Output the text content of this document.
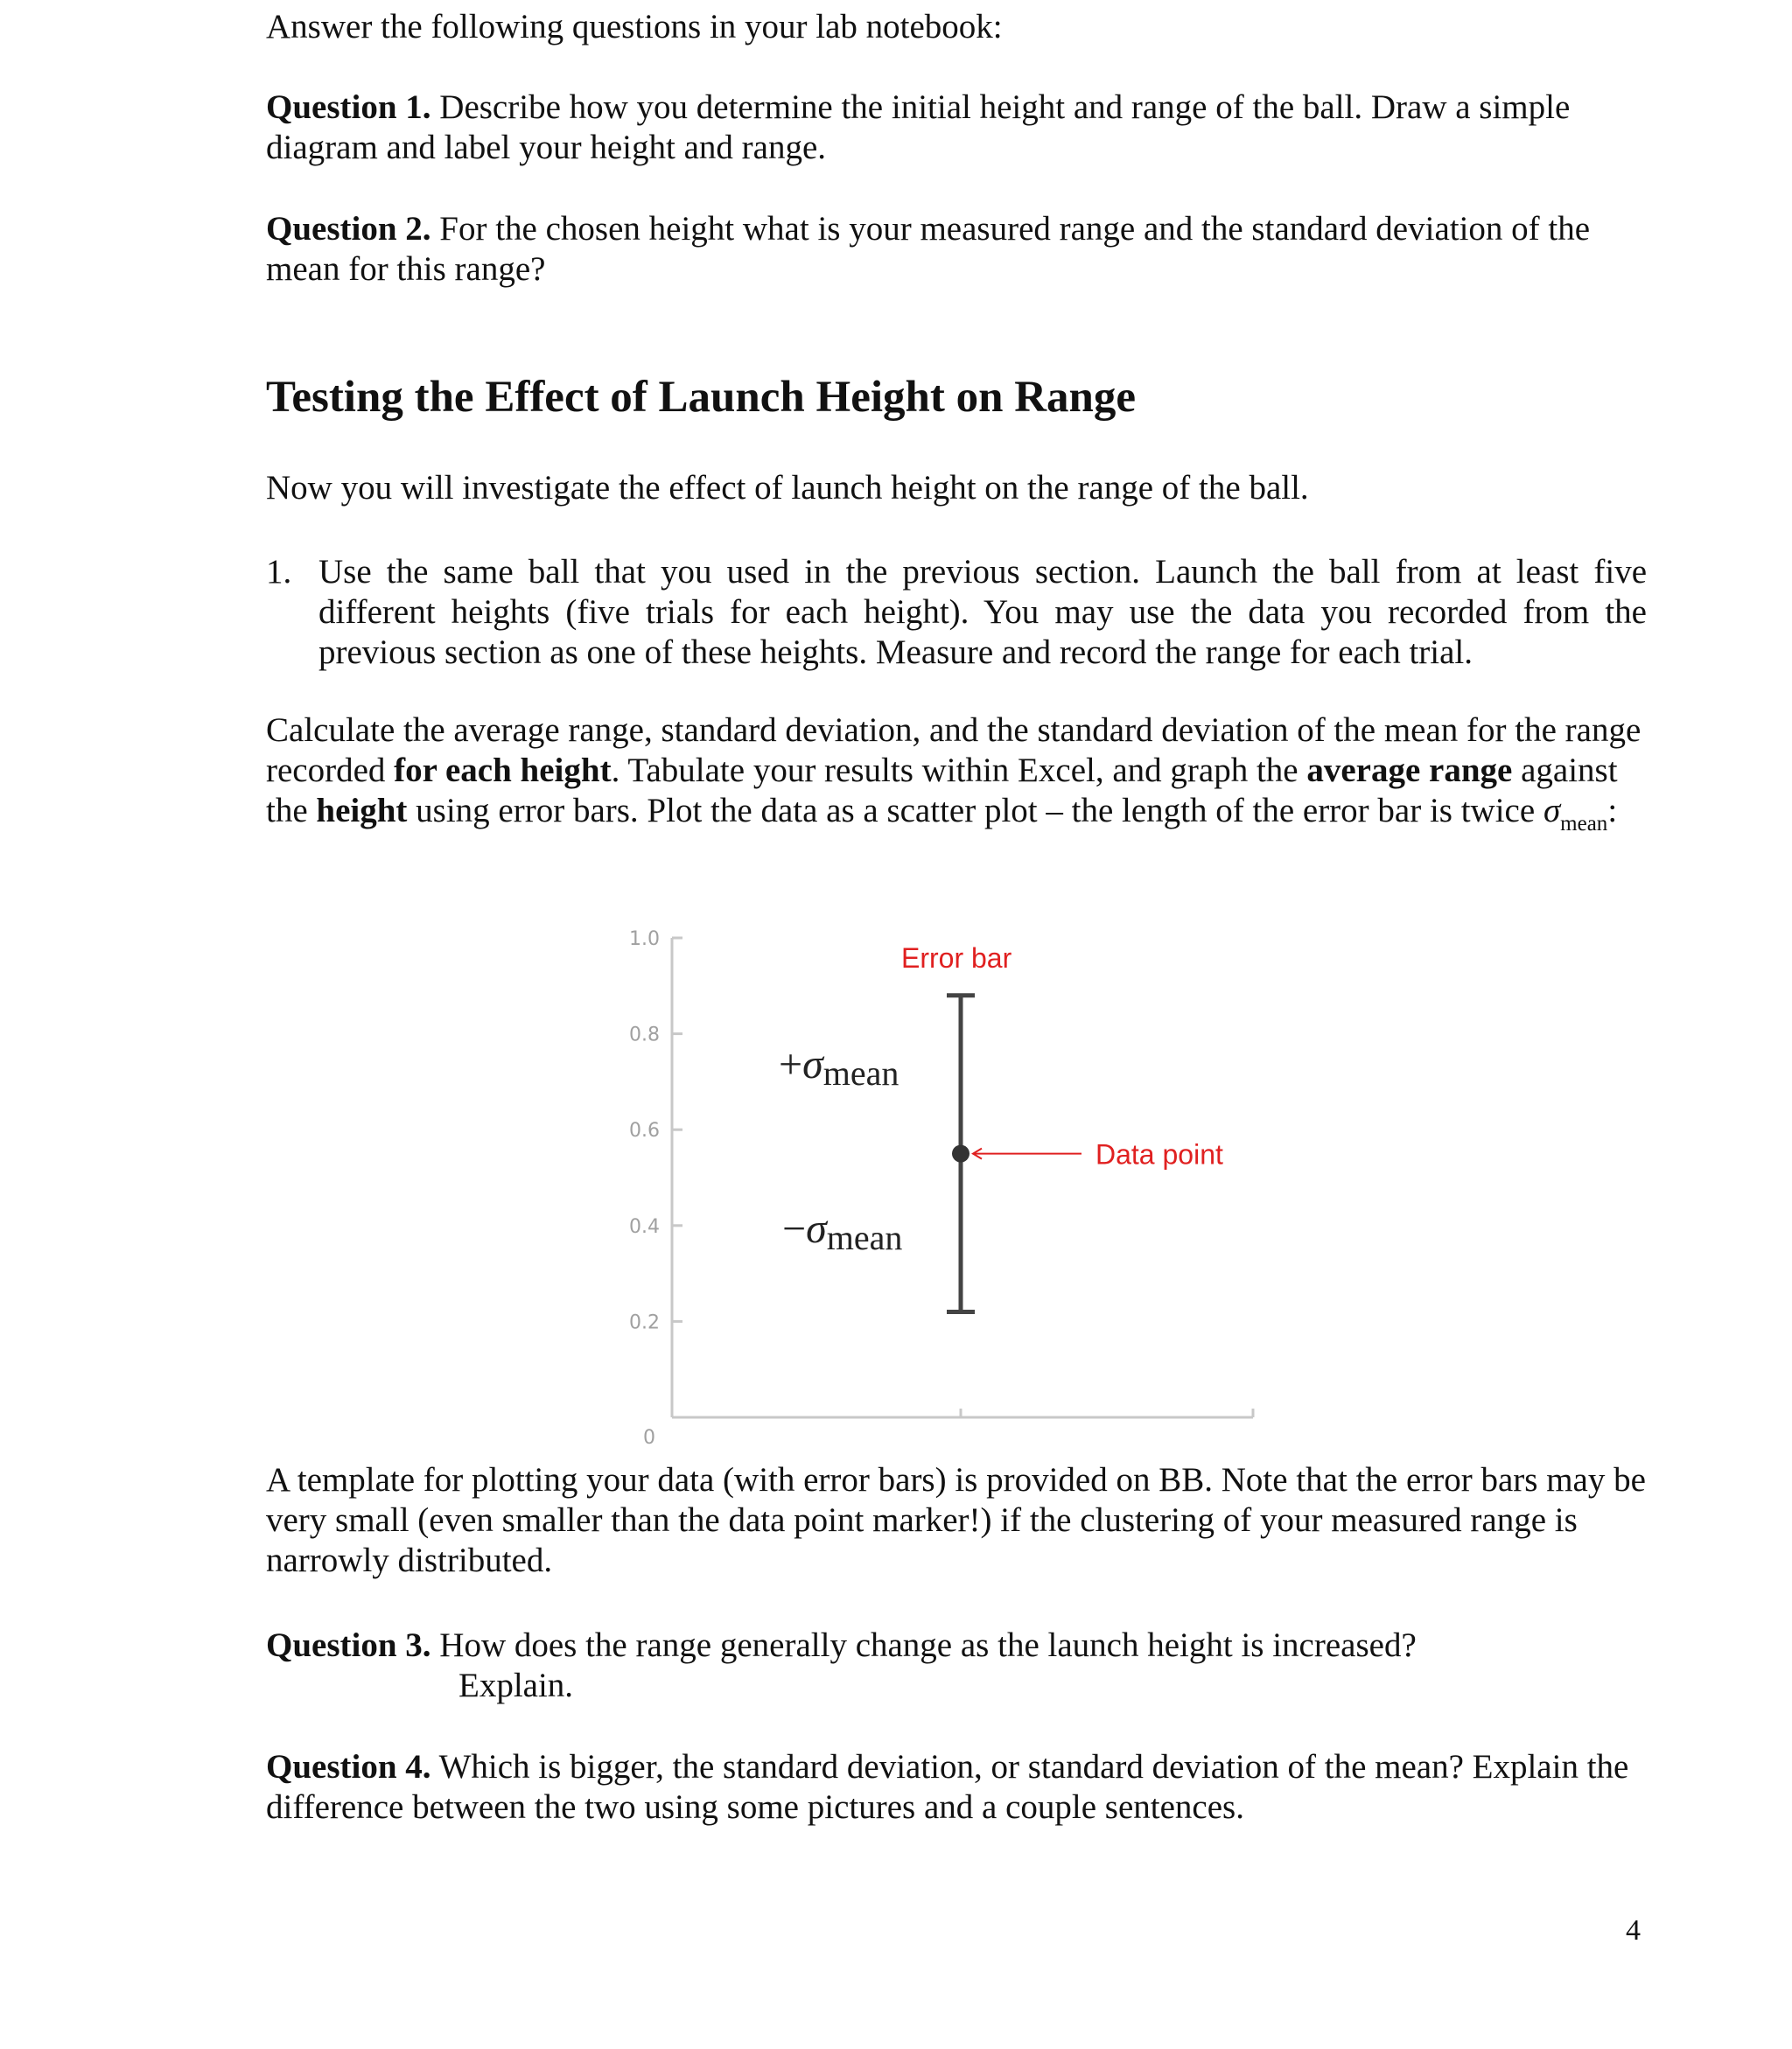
Answer the following questions in your lab notebook:

Question 1. Describe how you determine the initial height and range of the ball. Draw a simple diagram and label your height and range.

Question 2. For the chosen height what is your measured range and the standard deviation of the mean for this range?

Testing the Effect of Launch Height on Range

Now you will investigate the effect of launch height on the range of the ball.

1. Use the same ball that you used in the previous section. Launch the ball from at least five different heights (five trials for each height). You may use the data you recorded from the previous section as one of these heights. Measure and record the range for each trial.

Calculate the average range, standard deviation, and the standard deviation of the mean for the range recorded for each height. Tabulate your results within Excel, and graph the average range against the height using error bars. Plot the data as a scatter plot – the length of the error bar is twice $\sigma_{mean}$:

0
0.2
0.4
0.6
0.8
1.0
Error bar
Data point
+σmean
−σmean

A template for plotting your data (with error bars) is provided on BB. Note that the error bars may be very small (even smaller than the data point marker!) if the clustering of your measured range is narrowly distributed.

Question 3. How does the range generally change as the launch height is increased?

Explain.

Question 4. Which is bigger, the standard deviation, or standard deviation of the mean? Explain the difference between the two using some pictures and a couple sentences.

4
